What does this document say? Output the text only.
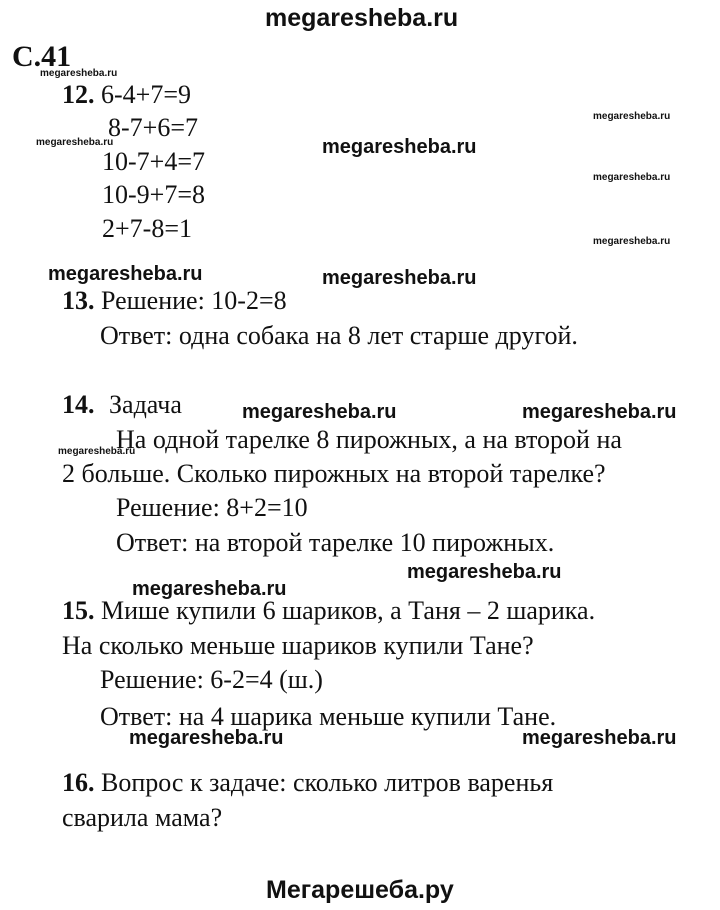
megaresheba.ru
С.41
12. 6-4+7=9
8-7+6=7
10-7+4=7
10-9+7=8
2+7-8=1
13. Решение: 10-2=8
Ответ: одна собака на 8 лет старше другой.
14. Задача
На одной тарелке 8 пирожных, а на второй на
2 больше. Сколько пирожных на второй тарелке?
Решение: 8+2=10
Ответ: на второй тарелке 10 пирожных.
15. Мише купили 6 шариков, а Таня – 2 шарика.
На сколько меньше шариков купили Тане?
Решение: 6-2=4 (ш.)
Ответ: на 4 шарика меньше купили Тане.
16. Вопрос к задаче: сколько литров варенья
сварила мама?
megaresheba.ru
megaresheba.ru	megaresheba.ru
megaresheba.ru	megaresheba.ru
megaresheba.ru
megaresheba.ru
megaresheba.ru	megaresheba.ru
megaresheba.ru
megaresheba.ru
megaresheba.ru
megaresheba.ru
megaresheba.ru
megaresheba.ru
Мегарешеба.ру
